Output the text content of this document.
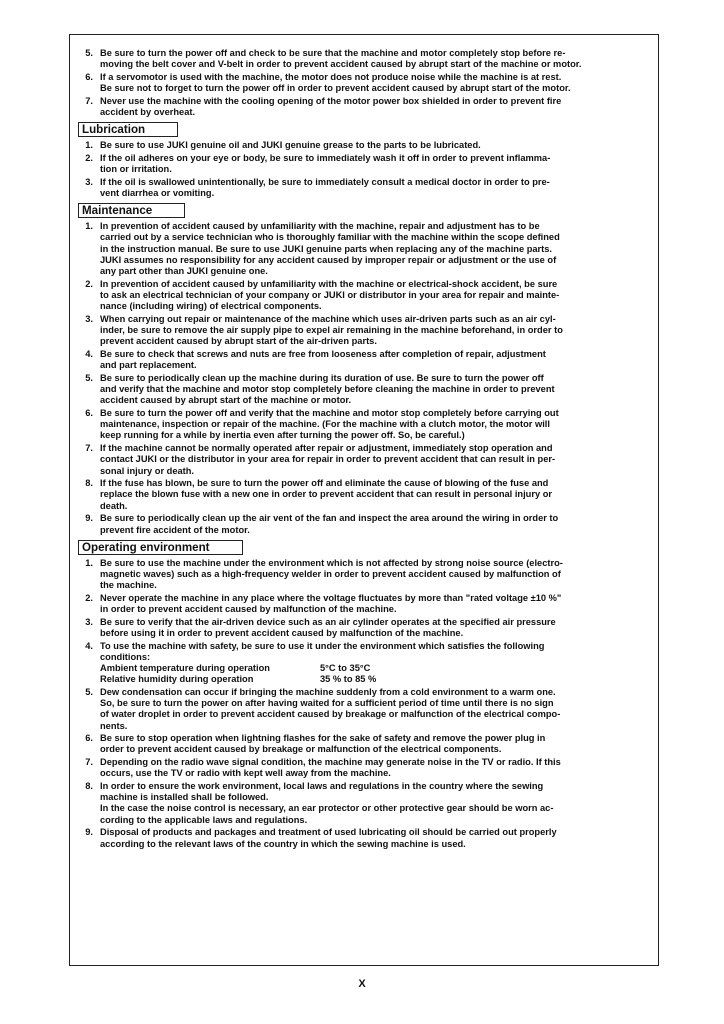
5. Be sure to turn the power off and check to be sure that the machine and motor completely stop before re-
moving the belt cover and V-belt in order to prevent accident caused by abrupt start of the machine or motor.
6. If a servomotor is used with the machine, the motor does not produce noise while the machine is at rest.
Be sure not to forget to turn the power off in order to prevent accident caused by abrupt start of the motor.
7. Never use the machine with the cooling opening of the motor power box shielded in order to prevent fire
accident by overheat.
Lubrication
1. Be sure to use JUKI genuine oil and JUKI genuine grease to the parts to be lubricated.
2. If the oil adheres on your eye or body, be sure to immediately wash it off in order to prevent inflamma-
tion or irritation.
3. If the oil is swallowed unintentionally, be sure to immediately consult a medical doctor in order to pre-
vent diarrhea or vomiting.
Maintenance
1. In prevention of accident caused by unfamiliarity with the machine, repair and adjustment has to be
carried out by a service technician who is thoroughly familiar with the machine within the scope defined
in the instruction manual. Be sure to use JUKI genuine parts when replacing any of the machine parts.
JUKI assumes no responsibility for any accident caused by improper repair or adjustment or the use of
any part other than JUKI genuine one.
2. In prevention of accident caused by unfamiliarity with the machine or electrical-shock accident, be sure
to ask an electrical technician of your company or JUKI or distributor in your area for repair and mainte-
nance (including wiring) of electrical components.
3. When carrying out repair or maintenance of the machine which uses air-driven parts such as an air cyl-
inder, be sure to remove the air supply pipe to expel air remaining in the machine beforehand, in order to
prevent accident caused by abrupt start of the air-driven parts.
4. Be sure to check that screws and nuts are free from looseness after completion of repair, adjustment
and part replacement.
5. Be sure to periodically clean up the machine during its duration of use. Be sure to turn the power off
and verify that the machine and motor stop completely before cleaning the machine in order to prevent
accident caused by abrupt start of the machine or motor.
6. Be sure to turn the power off and verify that the machine and motor stop completely before carrying out
maintenance, inspection or repair of the machine. (For the machine with a clutch motor, the motor will
keep running for a while by inertia even after turning the power off. So, be careful.)
7. If the machine cannot be normally operated after repair or adjustment, immediately stop operation and
contact JUKI or the distributor in your area for repair in order to prevent accident that can result in per-
sonal injury or death.
8. If the fuse has blown, be sure to turn the power off and eliminate the cause of blowing of the fuse and
replace the blown fuse with a new one in order to prevent accident that can result in personal injury or
death.
9. Be sure to periodically clean up the air vent of the fan and inspect the area around the wiring in order to
prevent fire accident of the motor.
Operating environment
1. Be sure to use the machine under the environment which is not affected by strong noise source (electro-
magnetic waves) such as a high-frequency welder in order to prevent accident caused by malfunction of
the machine.
2. Never operate the machine in any place where the voltage fluctuates by more than "rated voltage ±10 %"
in order to prevent accident caused by malfunction of the machine.
3. Be sure to verify that the air-driven device such as an air cylinder operates at the specified air pressure
before using it in order to prevent accident caused by malfunction of the machine.
4. To use the machine with safety, be sure to use it under the environment which satisfies the following
conditions:
Ambient temperature during operation	5°C to 35°C
Relative humidity during operation	35 % to 85 %
5. Dew condensation can occur if bringing the machine suddenly from a cold environment to a warm one.
So, be sure to turn the power on after having waited for a sufficient period of time until there is no sign
of water droplet in order to prevent accident caused by breakage or malfunction of the electrical compo-
nents.
6. Be sure to stop operation when lightning flashes for the sake of safety and remove the power plug in
order to prevent accident caused by breakage or malfunction of the electrical components.
7. Depending on the radio wave signal condition, the machine may generate noise in the TV or radio. If this
occurs, use the TV or radio with kept well away from the machine.
8. In order to ensure the work environment, local laws and regulations in the country where the sewing
machine is installed shall be followed.
In the case the noise control is necessary, an ear protector or other protective gear should be worn ac-
cording to the applicable laws and regulations.
9. Disposal of products and packages and treatment of used lubricating oil should be carried out properly
according to the relevant laws of the country in which the sewing machine is used.
X
